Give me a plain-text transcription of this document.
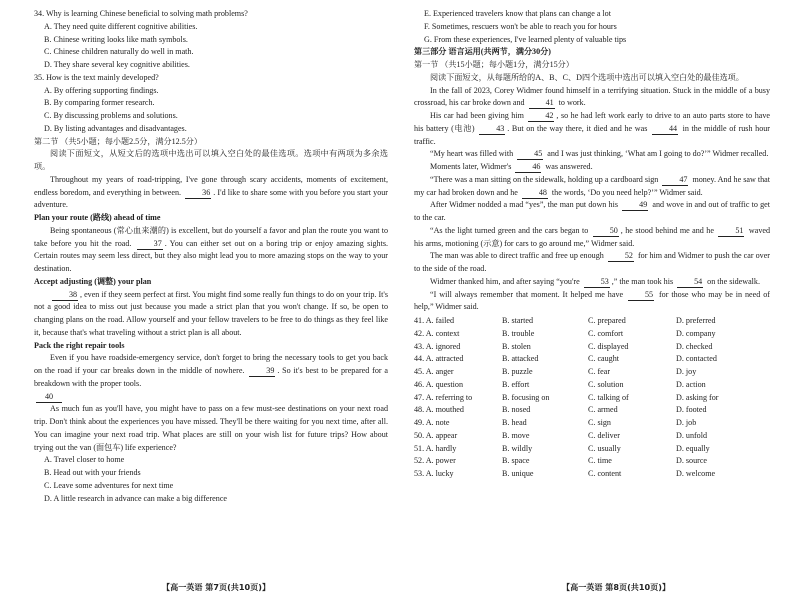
34. Why is learning Chinese beneficial to solving math problems?

A. They need quite different cognitive abilities.

B. Chinese writing looks like math symbols.

C. Chinese children naturally do well in math.

D. They share several key cognitive abilities.

35. How is the text mainly developed?

A. By offering supporting findings.

B. By comparing former research.

C. By discussing problems and solutions.

D. By listing advantages and disadvantages.

第二节 （共5小题；每小题2.5分，满分12.5分）

阅读下面短文，从短文后的选项中选出可以填入空白处的最佳选项。选项中有两项为多余选项。

Throughout my years of road-tripping, I've gone through scary accidents, moments of excitement, endless boredom, and everything in between.	36 . I'd like to share some with you before you start your adventure.

Plan your route (路线) ahead of time

Being spontaneous (常心血来潮的) is excellent, but do yourself a favor and plan the route you want to take before you hit the road.	37 . You can either set out on a boring trip or enjoy amazing sights. Certain routes may seem less direct, but they also might lead you to more amazing stops on the way to your destination.

Accept adjusting (调整) your plan

38 , even if they seem perfect at first. You might find some really fun things to do on your trip. It's not a good idea to miss out just because you made a strict plan that you won't change. If so, be open to changing plans on the road. Allow yourself and your fellow travelers to be free to do things as they feel like it, because that's what traveling without a strict plan is all about.

Pack the right repair tools

Even if you have roadside-emergency service, don't forget to bring the necessary tools to get you back on the road if your car breaks down in the middle of nowhere.	39 . So it's best to be prepared for a breakdown with the proper tools.

40

As much fun as you'll have, you might have to pass on a few must-see destinations on your next road trip. Don't think about the experiences you have missed. They'll be there waiting for you next time, after all. You can imagine your next road trip. What places are still on your wish list for future trips? How about trying out the van (面包车) life experience?

A. Travel closer to home

B. Head out with your friends

C. Leave some adventures for next time

D. A little research in advance can make a big difference

E. Experienced travelers know that plans can change a lot

F. Sometimes, rescuers won't be able to reach you for hours

G. From these experiences, I've learned plenty of valuable tips

第三部分 语言运用(共两节，满分30分)

第一节 （共15小题；每小题1分，满分15分）

阅读下面短文，从每题所给的A、B、C、D四个选项中选出可以填入空白处的最佳选项。

In the fall of 2023, Corey Widmer found himself in a terrifying situation. Stuck in the middle of a busy crossroad, his car broke down and	41 to work.

His car had been giving him	42 , so he had left work early to drive to an auto parts store to have his battery (电池)	43 . But on the way there, it died and he was	44 in the middle of rush hour traffic.

“My heart was filled with	45 and I was just thinking, ‘What am I going to do?’” Widmer recalled.

Moments later, Widmer's	46 was answered.

“There was a man sitting on the sidewalk, holding up a cardboard sign	47 money. And he saw that my car had broken down and he	48 the words, ‘Do you need help?’” Widmer said.

After Widmer nodded a mad “yes”, the man put down his	49 and wove in and out of traffic to get to the car.

“As the light turned green and the cars began to	50 , he stood behind me and he	51 waved his arms, motioning (示意) for cars to go around me,” Widmer said.

The man was able to direct traffic and free up enough	52 for him and Widmer to push the car over to the side of the road.

Widmer thanked him, and after saying “you're	53 ,” the man took his	54 on the sidewalk.

“I will always remember that moment. It helped me have	55 for those who may be in need of help,” Widmer said.

41. A. failed	B. started	C. prepared	D. preferred
42. A. context	B. trouble	C. comfort	D. company
43. A. ignored	B. stolen	C. displayed	D. checked
44. A. attracted	B. attacked	C. caught	D. contacted
45. A. anger	B. puzzle	C. fear	D. joy
46. A. question	B. effort	C. solution	D. action
47. A. referring to	B. focusing on	C. talking of	D. asking for
48. A. mouthed	B. nosed	C. armed	D. footed
49. A. note	B. head	C. sign	D. job
50. A. appear	B. move	C. deliver	D. unfold
51. A. hardly	B. wildly	C. usually	D. equally
52. A. power	B. space	C. time	D. source
53. A. lucky	B. unique	C. content	D. welcome
【高一英语 第7页(共10页)】	【高一英语 第8页(共10页)】
